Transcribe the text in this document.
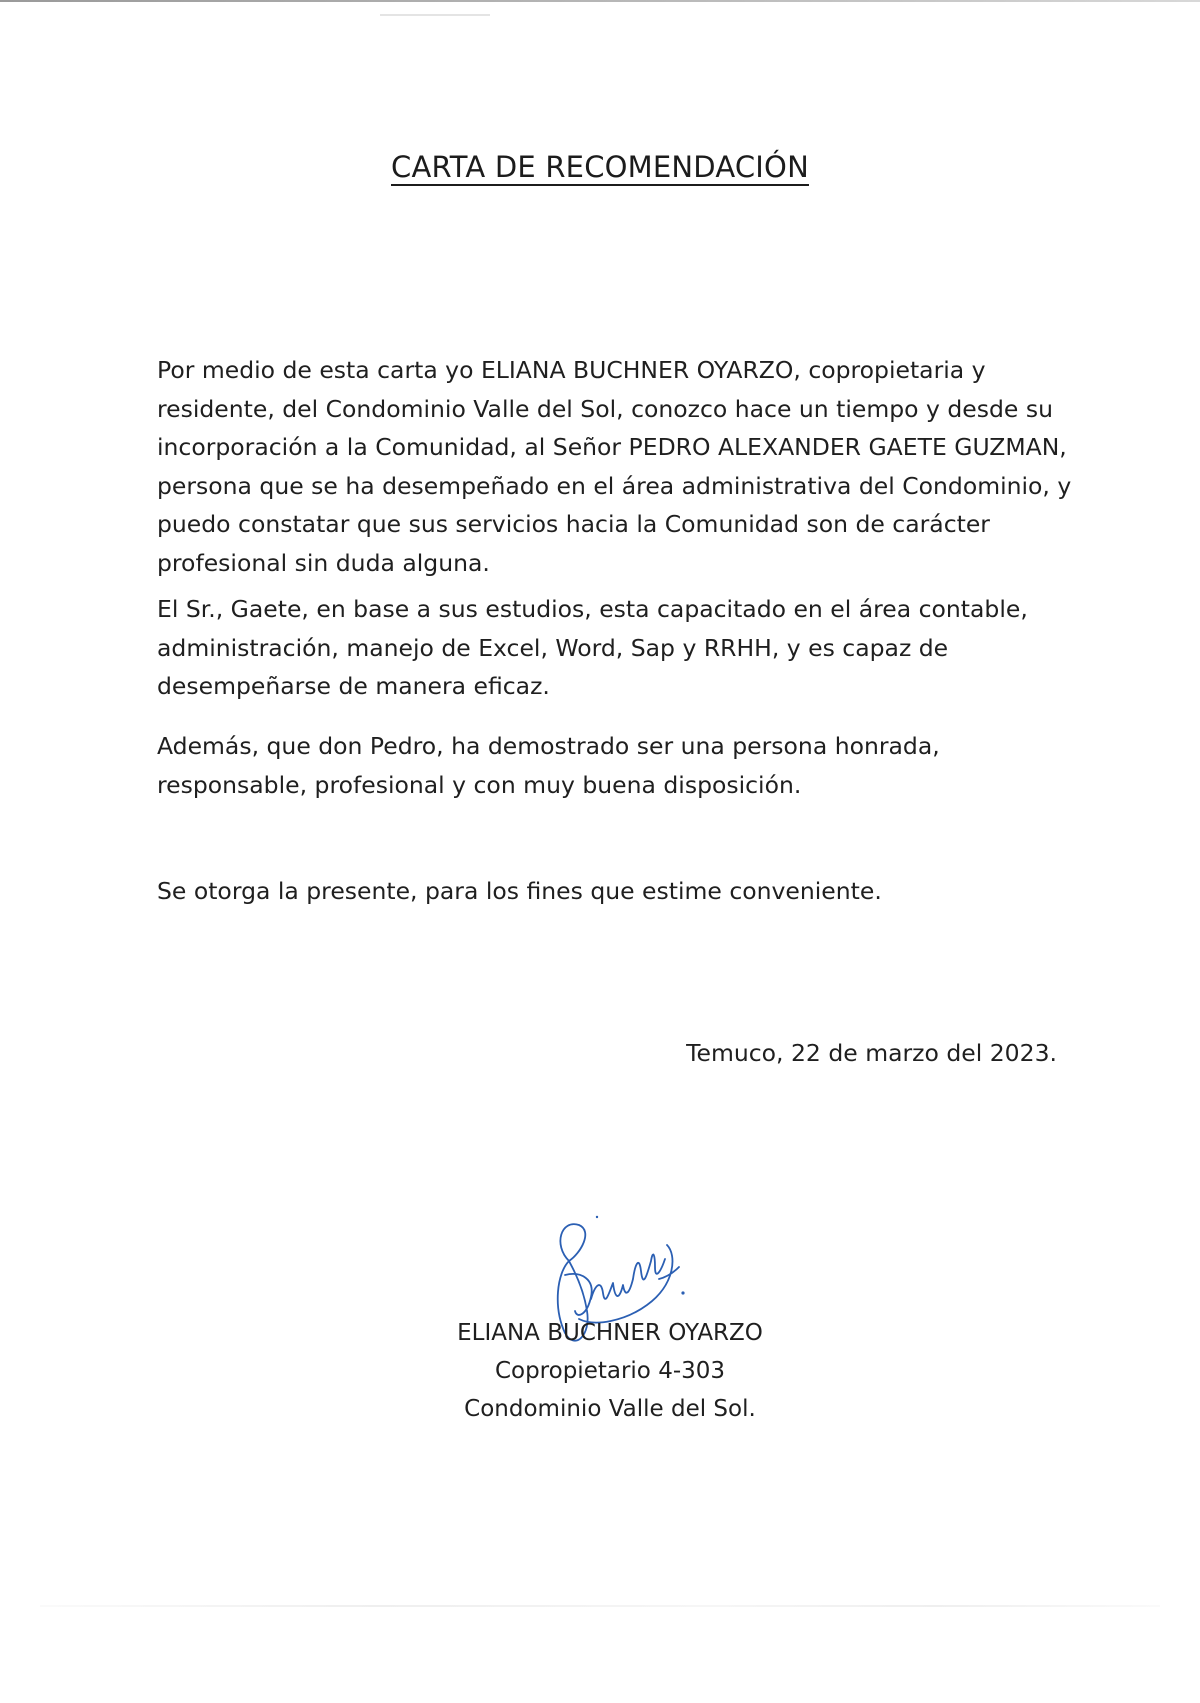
CARTA DE RECOMENDACIÓN
Por medio de esta carta yo ELIANA BUCHNER OYARZO, copropietaria y
residente, del Condominio Valle del Sol, conozco hace un tiempo y desde su
incorporación a la Comunidad, al Señor PEDRO ALEXANDER GAETE GUZMAN,
persona que se ha desempeñado en el área administrativa del Condominio, y
puedo constatar que sus servicios hacia la Comunidad son de carácter
profesional sin duda alguna.
El Sr., Gaete, en base a sus estudios, esta capacitado en el área contable,
administración, manejo de Excel, Word, Sap y RRHH, y es capaz de
desempeñarse de manera eficaz.
Además, que don Pedro, ha demostrado ser una persona honrada,
responsable, profesional y con muy buena disposición.
Se otorga la presente, para los fines que estime conveniente.
Temuco, 22 de marzo del 2023.
ELIANA BUCHNER OYARZO
Copropietario 4-303
Condominio Valle del Sol.
